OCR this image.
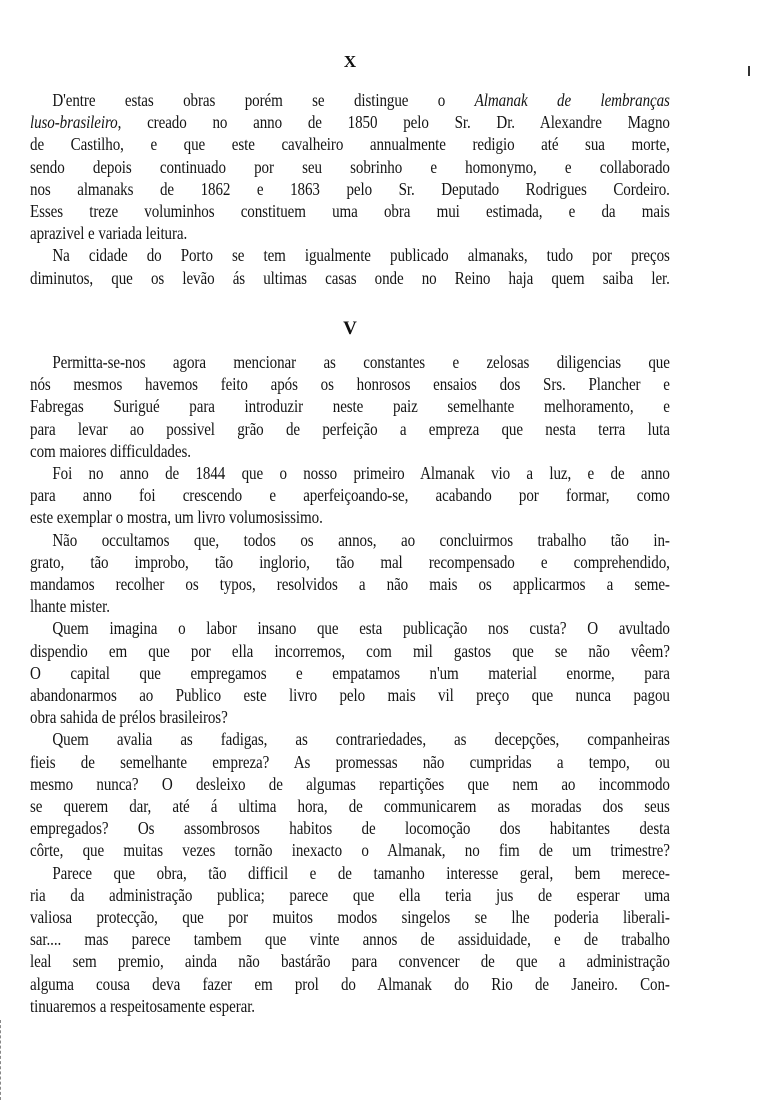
X
D'entre estas obras porém se distingue o Almanak de lembranças
luso-brasileiro, creado no anno de 1850 pelo Sr. Dr. Alexandre Magno
de Castilho, e que este cavalheiro annualmente redigio até sua morte,
sendo depois continuado por seu sobrinho e homonymo, e collaborado
nos almanaks de 1862 e 1863 pelo Sr. Deputado Rodrigues Cordeiro.
Esses treze voluminhos constituem uma obra mui estimada, e da mais
aprazivel e variada leitura.
Na cidade do Porto se tem igualmente publicado almanaks, tudo por preços
diminutos, que os levão ás ultimas casas onde no Reino haja quem saiba ler.
V
Permitta-se-nos agora mencionar as constantes e zelosas diligencias que
nós mesmos havemos feito após os honrosos ensaios dos Srs. Plancher e
Fabregas Surigué para introduzir neste paiz semelhante melhoramento, e
para levar ao possivel grão de perfeição a empreza que nesta terra luta
com maiores difficuldades.
Foi no anno de 1844 que o nosso primeiro Almanak vio a luz, e de anno
para anno foi crescendo e aperfeiçoando-se, acabando por formar, como
este exemplar o mostra, um livro volumosissimo.
Não occultamos que, todos os annos, ao concluirmos trabalho tão in-
grato, tão improbo, tão inglorio, tão mal recompensado e comprehendido,
mandamos recolher os typos, resolvidos a não mais os applicarmos a seme-
lhante mister.
Quem imagina o labor insano que esta publicação nos custa? O avultado
dispendio em que por ella incorremos, com mil gastos que se não vêem?
O capital que empregamos e empatamos n'um material enorme, para
abandonarmos ao Publico este livro pelo mais vil preço que nunca pagou
obra sahida de prélos brasileiros?
Quem avalia as fadigas, as contrariedades, as decepções, companheiras
fieis de semelhante empreza? As promessas não cumpridas a tempo, ou
mesmo nunca? O desleixo de algumas repartições que nem ao incommodo
se querem dar, até á ultima hora, de communicarem as moradas dos seus
empregados? Os assombrosos habitos de locomoção dos habitantes desta
côrte, que muitas vezes tornão inexacto o Almanak, no fim de um trimestre?
Parece que obra, tão difficil e de tamanho interesse geral, bem merece-
ria da administração publica; parece que ella teria jus de esperar uma
valiosa protecção, que por muitos modos singelos se lhe poderia liberali-
sar.... mas parece tambem que vinte annos de assiduidade, e de trabalho
leal sem premio, ainda não bastárão para convencer de que a administração
alguma cousa deva fazer em prol do Almanak do Rio de Janeiro. Con-
tinuaremos a respeitosamente esperar.
